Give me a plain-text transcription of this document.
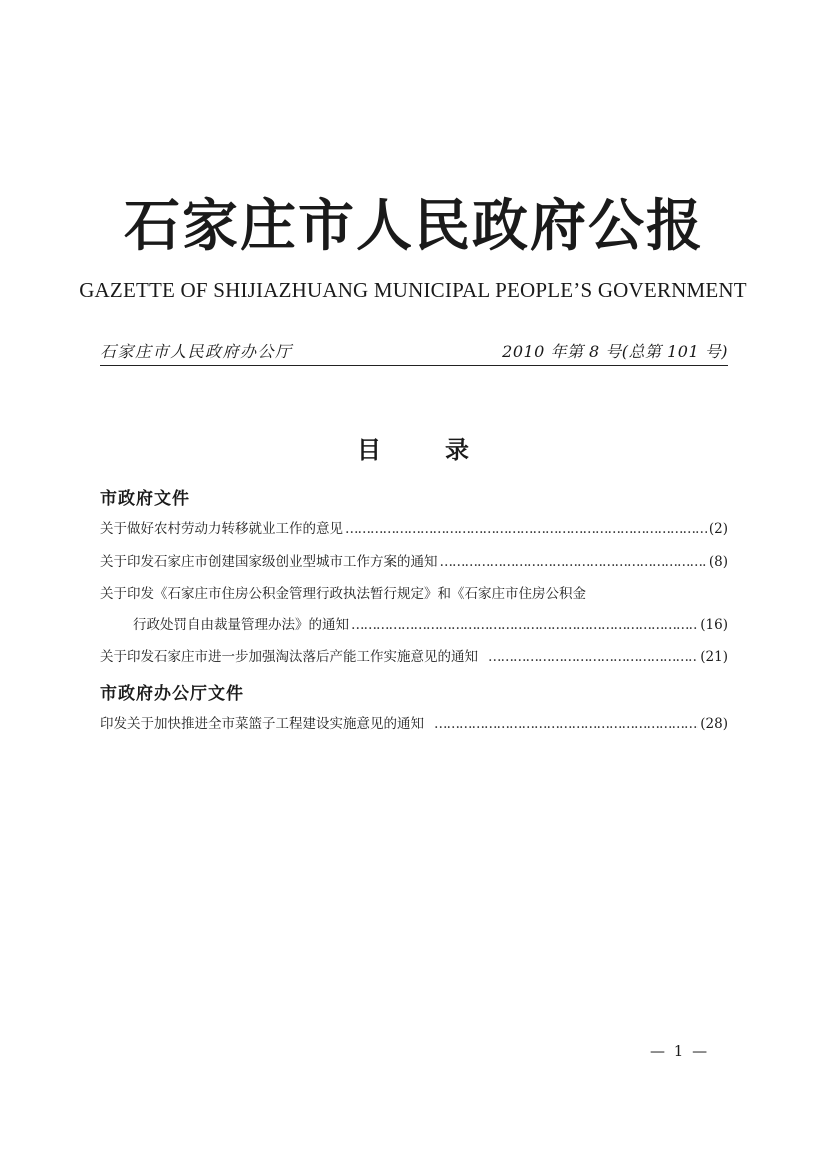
石 家 庄 市 人 民 政 府 公 报
GAZETTE OF SHIJIAZHUANG MUNICIPAL PEOPLE’S GOVERNMENT
石家庄市人民政府办公厅	2010 年第 8 号(总第 101 号)
目	录
市政府文件
关于做好农村劳动力转移就业工作的意见 …………………………………………………………………………………………………………………………………………	(2)
关于印发石家庄市创建国家级创业型城市工作方案的通知 …………………………………………………………………………………………………………………………………………	(8)
关于印发《石家庄市住房公积金管理行政执法暂行规定》和《石家庄市住房公积金
行政处罚自由裁量管理办法》的通知 …………………………………………………………………………………………………………………………………………	(16)
关于印发石家庄市进一步加强淘汰落后产能工作实施意见的通知 …………………………………………………………………………………………………………………………………………	(21)
市政府办公厅文件
印发关于加快推进全市菜篮子工程建设实施意见的通知 …………………………………………………………………………………………………………………………………………	(28)
— 1 —
